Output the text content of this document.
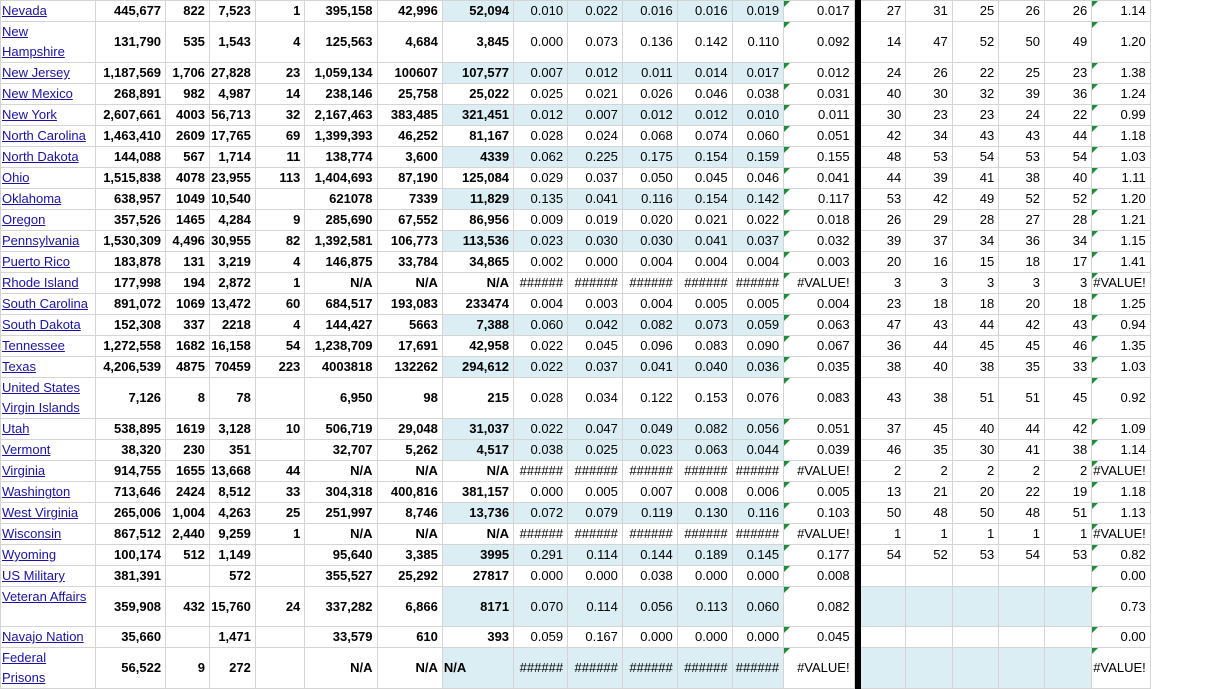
Nevada	445,677	822	7,523	1	395,158	42,996	52,094	0.010	0.022	0.016	0.016	0.019	0.017		27	31	25	26	26	1.14
New Hampshire	131,790	535	1,543	4	125,563	4,684	3,845	0.000	0.073	0.136	0.142	0.110	0.092		14	47	52	50	49	1.20
New Jersey	1,187,569	1,706	27,828	23	1,059,134	100607	107,577	0.007	0.012	0.011	0.014	0.017	0.012		24	26	22	25	23	1.38
New Mexico	268,891	982	4,987	14	238,146	25,758	25,022	0.025	0.021	0.026	0.046	0.038	0.031		40	30	32	39	36	1.24
New York	2,607,661	4003	56,713	32	2,167,463	383,485	321,451	0.012	0.007	0.012	0.012	0.010	0.011		30	23	23	24	22	0.99
North Carolina	1,463,410	2609	17,765	69	1,399,393	46,252	81,167	0.028	0.024	0.068	0.074	0.060	0.051		42	34	43	43	44	1.18
North Dakota	144,088	567	1,714	11	138,774	3,600	4339	0.062	0.225	0.175	0.154	0.159	0.155		48	53	54	53	54	1.03
Ohio	1,515,838	4078	23,955	113	1,404,693	87,190	125,084	0.029	0.037	0.050	0.045	0.046	0.041		44	39	41	38	40	1.11
Oklahoma	638,957	1049	10,540		621078	7339	11,829	0.135	0.041	0.116	0.154	0.142	0.117		53	42	49	52	52	1.20
Oregon	357,526	1465	4,284	9	285,690	67,552	86,956	0.009	0.019	0.020	0.021	0.022	0.018		26	29	28	27	28	1.21
Pennsylvania	1,530,309	4,496	30,955	82	1,392,581	106,773	113,536	0.023	0.030	0.030	0.041	0.037	0.032		39	37	34	36	34	1.15
Puerto Rico	183,878	131	3,219	4	146,875	33,784	34,865	0.002	0.000	0.004	0.004	0.004	0.003		20	16	15	18	17	1.41
Rhode Island	177,998	194	2,872	1	N/A	N/A	N/A	######	######	######	######	######	#VALUE!		3	3	3	3	3	#VALUE!
South Carolina	891,072	1069	13,472	60	684,517	193,083	233474	0.004	0.003	0.004	0.005	0.005	0.004		23	18	18	20	18	1.25
South Dakota	152,308	337	2218	4	144,427	5663	7,388	0.060	0.042	0.082	0.073	0.059	0.063		47	43	44	42	43	0.94
Tennessee	1,272,558	1682	16,158	54	1,238,709	17,691	42,958	0.022	0.045	0.096	0.083	0.090	0.067		36	44	45	45	46	1.35
Texas	4,206,539	4875	70459	223	4003818	132262	294,612	0.022	0.037	0.041	0.040	0.036	0.035		38	40	38	35	33	1.03
United States Virgin Islands	7,126	8	78		6,950	98	215	0.028	0.034	0.122	0.153	0.076	0.083		43	38	51	51	45	0.92
Utah	538,895	1619	3,128	10	506,719	29,048	31,037	0.022	0.047	0.049	0.082	0.056	0.051		37	45	40	44	42	1.09
Vermont	38,320	230	351		32,707	5,262	4,517	0.038	0.025	0.023	0.063	0.044	0.039		46	35	30	41	38	1.14
Virginia	914,755	1655	13,668	44	N/A	N/A	N/A	######	######	######	######	######	#VALUE!		2	2	2	2	2	#VALUE!
Washington	713,646	2424	8,512	33	304,318	400,816	381,157	0.000	0.005	0.007	0.008	0.006	0.005		13	21	20	22	19	1.18
West Virginia	265,006	1,004	4,263	25	251,997	8,746	13,736	0.072	0.079	0.119	0.130	0.116	0.103		50	48	50	48	51	1.13
Wisconsin	867,512	2,440	9,259	1	N/A	N/A	N/A	######	######	######	######	######	#VALUE!		1	1	1	1	1	#VALUE!
Wyoming	100,174	512	1,149		95,640	3,385	3995	0.291	0.114	0.144	0.189	0.145	0.177		54	52	53	54	53	0.82
US Military	381,391		572		355,527	25,292	27817	0.000	0.000	0.038	0.000	0.000	0.008							0.00
Veteran Affairs	359,908	432	15,760	24	337,282	6,866	8171	0.070	0.114	0.056	0.113	0.060	0.082							0.73
Navajo Nation	35,660		1,471		33,579	610	393	0.059	0.167	0.000	0.000	0.000	0.045							0.00
Federal Prisons	56,522	9	272		N/A	N/A	N/A	######	######	######	######	######	#VALUE!							#VALUE!
